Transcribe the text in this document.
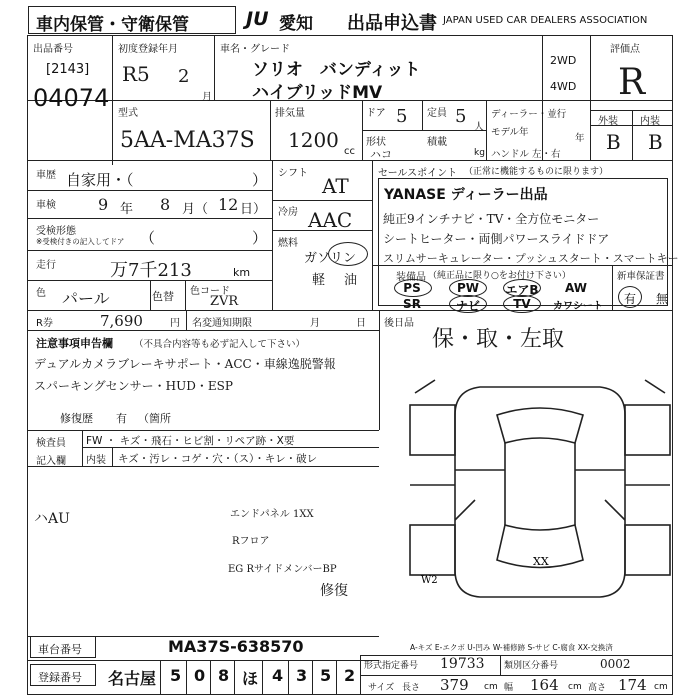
車内保管・守衛保管	JU 愛知 出品申込書 JAPAN USED CAR DEALERS ASSOCIATION
出品番号
[2143]
04074
初度登録年月
R5 2
月
車名・グレード
ソリオ　バンディット
ハイブリッドMV
2WD
4WD
評価点
R
外装 内装
B B
型式
5AA-MA37S
排気量
1200 cc
ドア 5 定員 5
人
形状
ハコ
積載
kg
ディーラー・並行
モデル年
年
ハンドル 左・右
車歴 自家用・（	）
車検	9 年 8 月（ 12 日）
受検形態
※受検付きの記入してドア （	）
走行	万7千213	km
色 パール	色替 色コード
ZVR
シフト
AT
冷房 AAC
燃料
ガソリン
軽 油
セールスポイント （正常に機能するものに限ります）
YANASE ディーラー出品
純正9インチナビ・TV・全方位モニター
シートヒーター・両側パワースライドドア
スリムサーキュレーター・プッシュスタート・スマートキー
装備品 （純正品に限り○をお付け下さい）
PS	PW	エアB	AW
SR	ナビ	TV	カワシート
新車保証書
有 無
R券	7,690	円 名変通知期限	月	日
注意事項申告欄 （不具合内容等も必ず記入して下さい）
デュアルカメラブレーキサポート・ACC・車線逸脱警報
スパーキングセンサー・HUD・ESP
修復歴 有 （箇所
後日品
保・取・左取
検査員
記入欄
FW ・ キズ・飛石・ヒビ割・リペア跡・X要
内装 キズ・汚レ・コゲ・穴・（ス）・キレ・破レ
ハAU	エンドパネル 1XX
Rフロア
EG RサイドメンバーBP
修復
XX
W2
車台番号	MA37S-638570
登録番号 名古屋 5 0 8 ほ 4 3 5 2
A-キズ E-エクボ U-凹み W-補修跡 S-サビ C-腐食 XX-交換済
形式指定番号 19733 類別区分番号	0002
サイズ 長さ 379 cm 幅 164 cm 高さ 174 cm
